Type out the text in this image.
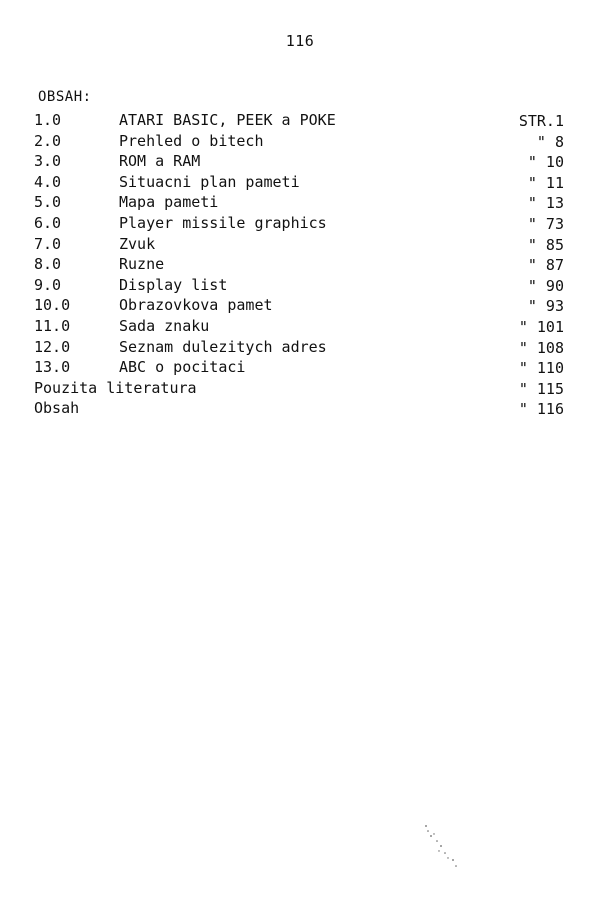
116
OBSAH:
1.0	ATARI BASIC, PEEK a POKE	STR.1
2.0	Prehled o bitech	" 8
3.0	ROM a RAM	" 10
4.0	Situacni plan pameti	" 11
5.0	Mapa pameti	" 13
6.0	Player missile graphics	" 73
7.0	Zvuk	" 85
8.0	Ruzne	" 87
9.0	Display list	" 90
10.0	Obrazovkova pamet	" 93
11.0	Sada znaku	" 101
12.0	Seznam dulezitych adres	" 108
13.0	ABC o pocitaci	" 110
Pouzita literatura	" 115
Obsah	" 116
